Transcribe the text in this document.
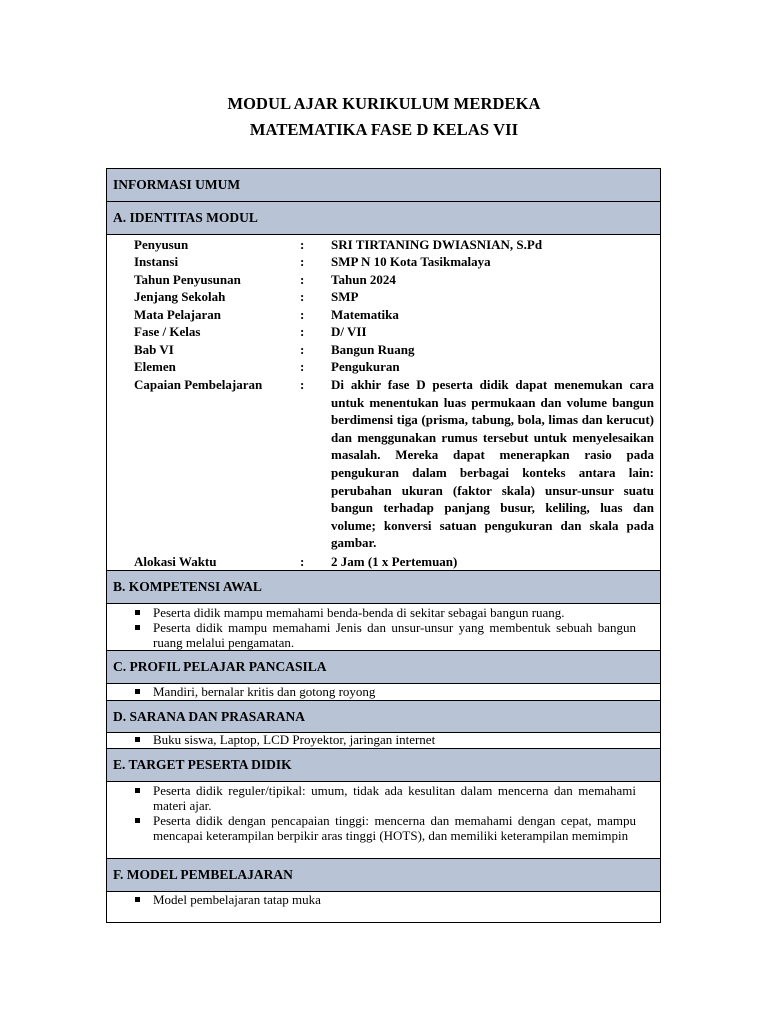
MODUL AJAR KURIKULUM MERDEKA
MATEMATIKA FASE D KELAS VII
INFORMASI UMUM
A. IDENTITAS MODUL
Penyusun	: SRI TIRTANING DWIASNIAN, S.Pd
Instansi	: SMP N 10 Kota Tasikmalaya
Tahun Penyusunan	: Tahun 2024
Jenjang Sekolah	: SMP
Mata Pelajaran	: Matematika
Fase / Kelas	: D/ VII
Bab VI	: Bangun Ruang
Elemen	: Pengukuran
Capaian Pembelajaran	: Di akhir fase D peserta didik dapat menemukan cara untuk menentukan luas permukaan dan volume bangun berdimensi tiga (prisma, tabung, bola, limas dan kerucut) dan menggunakan rumus tersebut untuk menyelesaikan masalah. Mereka dapat menerapkan rasio pada pengukuran dalam berbagai konteks antara lain: perubahan ukuran (faktor skala) unsur-unsur suatu bangun terhadap panjang busur, keliling, luas dan volume; konversi satuan pengukuran dan skala pada gambar.
Alokasi Waktu	: 2 Jam (1 x Pertemuan)
B. KOMPETENSI AWAL
Peserta didik mampu memahami benda-benda di sekitar sebagai bangun ruang.
Peserta didik mampu memahami Jenis dan unsur-unsur yang membentuk sebuah bangun ruang melalui pengamatan.
C. PROFIL PELAJAR PANCASILA
Mandiri, bernalar kritis dan gotong royong
D. SARANA DAN PRASARANA
Buku siswa, Laptop, LCD Proyektor, jaringan internet
E. TARGET PESERTA DIDIK
Peserta didik reguler/tipikal: umum, tidak ada kesulitan dalam mencerna dan memahami materi ajar.
Peserta didik dengan pencapaian tinggi: mencerna dan memahami dengan cepat, mampu mencapai keterampilan berpikir aras tinggi (HOTS), dan memiliki keterampilan memimpin
F. MODEL PEMBELAJARAN
Model pembelajaran tatap muka
